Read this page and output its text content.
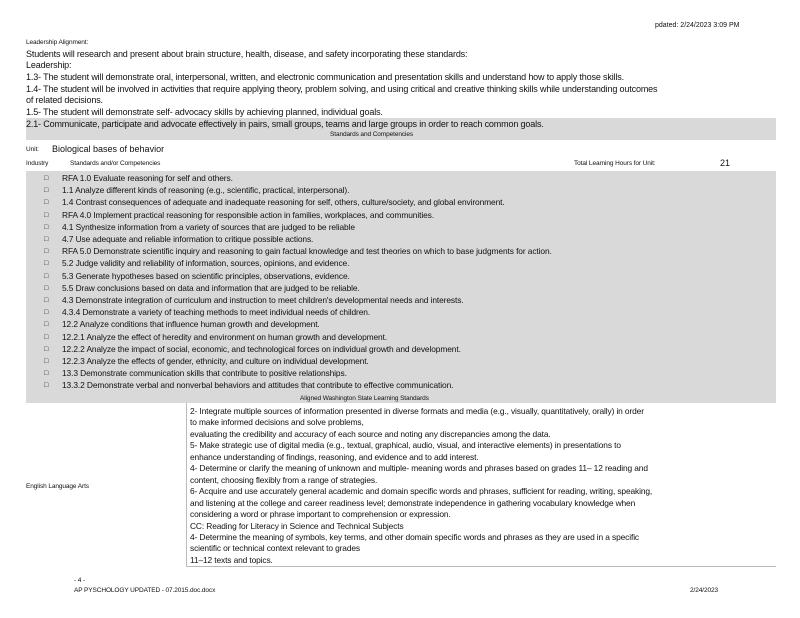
pdated: 2/24/2023 3:09 PM
Leadership Alignment:
Students will research and present about brain structure, health, disease, and safety incorporating these standards:
Leadership:
1.3- The student will demonstrate oral, interpersonal, written, and electronic communication and presentation skills and understand how to apply those skills.
1.4- The student will be involved in activities that require applying theory, problem solving, and using critical and creative thinking skills while understanding outcomes
of related decisions.
1.5- The student will demonstrate self- advocacy skills by achieving planned, individual goals.
2.1- Communicate, participate and advocate effectively in pairs, small groups, teams and large groups in order to reach common goals.
Standards and Competencies
Unit: Biological bases of behavior
Industry	Standards and/or Competencies	Total Learning Hours for Unit:	21
□ RFA 1.0 Evaluate reasoning for self and others.
□ 1.1 Analyze different kinds of reasoning (e.g., scientific, practical, interpersonal).
□ 1.4 Contrast consequences of adequate and inadequate reasoning for self, others, culture/society, and global environment.
□ RFA 4.0 Implement practical reasoning for responsible action in families, workplaces, and communities.
□ 4.1 Synthesize information from a variety of sources that are judged to be reliable
□ 4.7 Use adequate and reliable information to critique possible actions.
□ RFA 5.0 Demonstrate scientific inquiry and reasoning to gain factual knowledge and test theories on which to base judgments for action.
□ 5.2 Judge validity and reliability of information, sources, opinions, and evidence.
□ 5.3 Generate hypotheses based on scientific principles, observations, evidence.
□ 5.5 Draw conclusions based on data and information that are judged to be reliable.
□ 4.3 Demonstrate integration of curriculum and instruction to meet children's developmental needs and interests.
□ 4.3.4 Demonstrate a variety of teaching methods to meet individual needs of children.
□ 12.2 Analyze conditions that influence human growth and development.
□ 12.2.1 Analyze the effect of heredity and environment on human growth and development.
□ 12.2.2 Analyze the impact of social, economic, and technological forces on individual growth and development.
□ 12.2.3 Analyze the effects of gender, ethnicity, and culture on individual development.
□ 13.3 Demonstrate communication skills that contribute to positive relationships.
□ 13.3.2 Demonstrate verbal and nonverbal behaviors and attitudes that contribute to effective communication.
Aligned Washington State Learning Standards
English Language Arts
2- Integrate multiple sources of information presented in diverse formats and media (e.g., visually, quantitatively, orally) in order
to make informed decisions and solve problems,
evaluating the credibility and accuracy of each source and noting any discrepancies among the data.
5- Make strategic use of digital media (e.g., textual, graphical, audio, visual, and interactive elements) in presentations to
enhance understanding of findings, reasoning, and evidence and to add interest.
4- Determine or clarify the meaning of unknown and multiple- meaning words and phrases based on grades 11– 12 reading and
content, choosing flexibly from a range of strategies.
6- Acquire and use accurately general academic and domain specific words and phrases, sufficient for reading, writing, speaking,
and listening at the college and career readiness level; demonstrate independence in gathering vocabulary knowledge when
considering a word or phrase important to comprehension or expression.
CC: Reading for Literacy in Science and Technical Subjects
4- Determine the meaning of symbols, key terms, and other domain specific words and phrases as they are used in a specific
scientific or technical context relevant to grades
11–12 texts and topics.
- 4 -
AP PYSCHOLOGY UPDATED - 07.2015.doc.docx	2/24/2023
